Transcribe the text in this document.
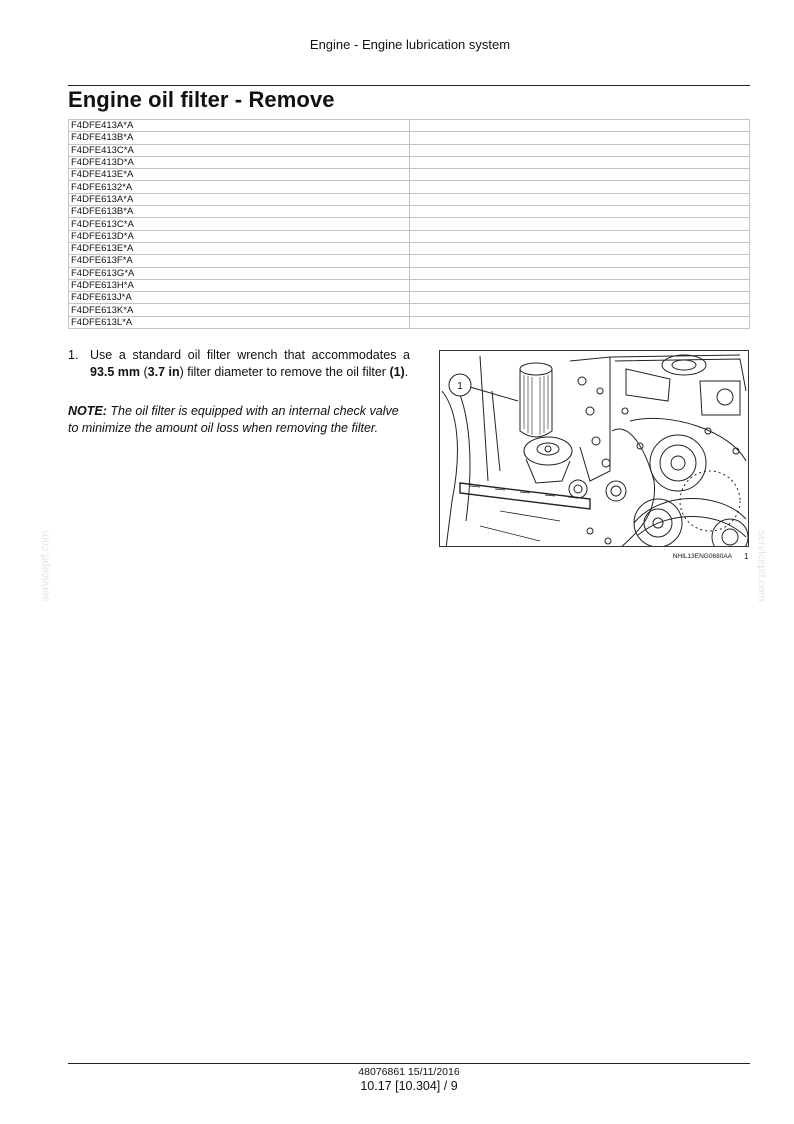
Engine - Engine lubrication system
Engine oil filter - Remove
F4DFE413A*A	
F4DFE413B*A	
F4DFE413C*A	
F4DFE413D*A	
F4DFE413E*A	
F4DFE6132*A	
F4DFE613A*A	
F4DFE613B*A	
F4DFE613C*A	
F4DFE613D*A	
F4DFE613E*A	
F4DFE613F*A	
F4DFE613G*A	
F4DFE613H*A	
F4DFE613J*A	
F4DFE613K*A	
F4DFE613L*A	

1. Use a standard oil filter wrench that accommodates a 93.5 mm (3.7 in) filter diameter to remove the oil filter (1).

NOTE: The oil filter is equipped with an internal check valve to minimize the amount oil loss when removing the filter.

1
NHIL13ENG0680AA 1
serviceptf.com	serviceptf.com
48076861 15/11/2016
10.17 [10.304] / 9
